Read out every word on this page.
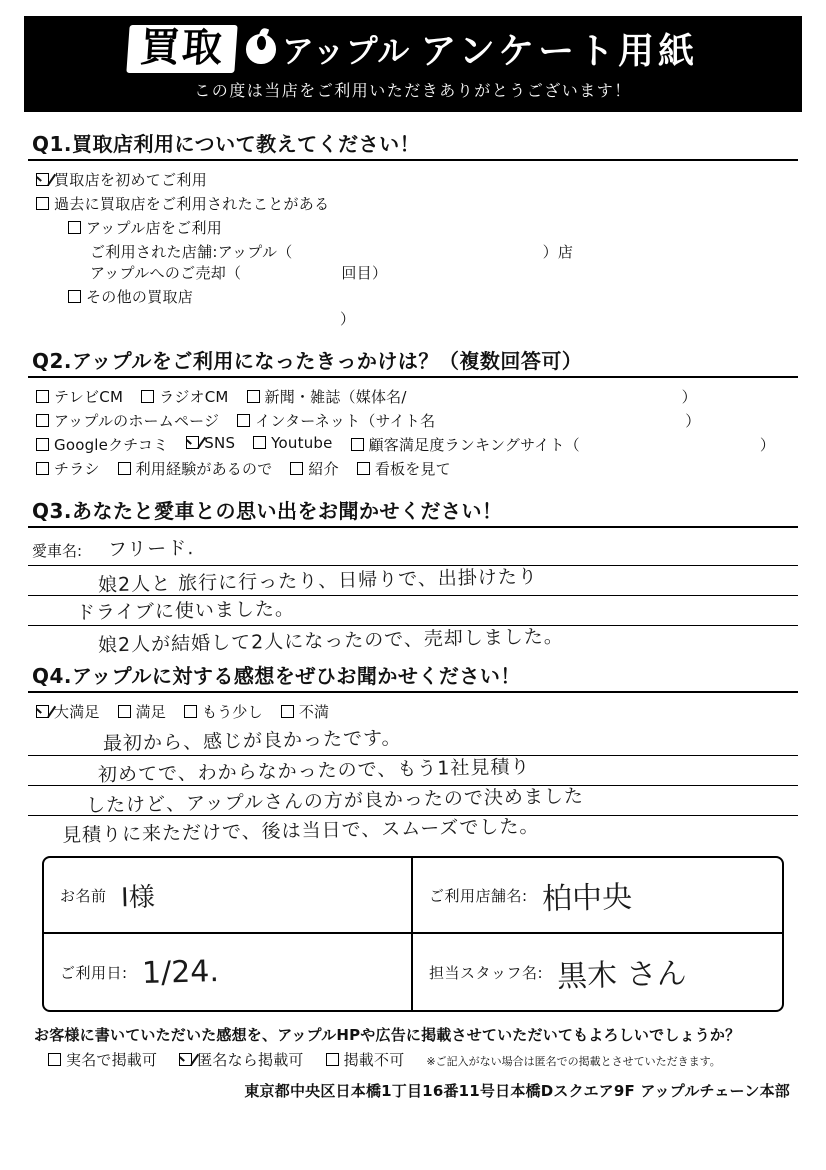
買取	アップル アンケート用紙
この度は当店をご利用いただきありがとうございます！
Q1.買取店利用について教えてください！
買取店を初めてご利用
過去に買取店をご利用されたことがある
アップル店をご利用
ご利用された店舗:アップル（	）店
アップルへのご売却（	回目）
その他の買取店
）
Q2.アップルをご利用になったきっかけは？（複数回答可）
テレビCM ラジオCM 新聞・雑誌（媒体名/	）
アップルのホームページ インターネット（サイト名	）
Googleクチコミ SNS Youtube 顧客満足度ランキングサイト（	）
チラシ 利用経験があるので 紹介 看板を見て
Q3.あなたと愛車との思い出をお聞かせください！
愛車名: フリード.
娘2人と 旅行に行ったり、日帰りで、出掛けたり
ドライブに使いました。
娘2人が結婚して2人になったので、売却しました。
Q4.アップルに対する感想をぜひお聞かせください！
大満足 満足 もう少し 不満
最初から、感じが良かったです。
初めてで、わからなかったので、もう1社見積り
したけど、アップルさんの方が良かったので決めました
見積りに来ただけで、後は当日で、スムーズでした。
お名前 I様	ご利用店舗名: 柏中央
ご利用日: 1/24.	担当スタッフ名: 黒木 さん
お客様に書いていただいた感想を、アップルHPや広告に掲載させていただいてもよろしいでしょうか？
実名で掲載可	匿名なら掲載可	掲載不可 ※ご記入がない場合は匿名での掲載とさせていただきます。
東京都中央区日本橋1丁目16番11号日本橋Dスクエア9F アップルチェーン本部
